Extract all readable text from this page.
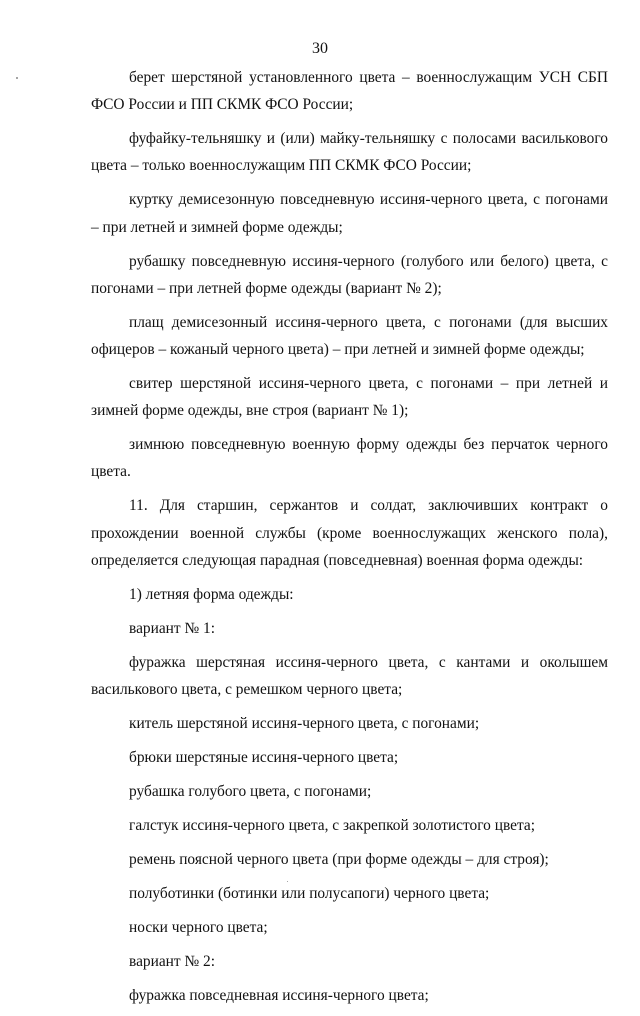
30

берет шерстяной установленного цвета – военнослужащим УСН СБП ФСО России и ПП СКМК ФСО России;

фуфайку-тельняшку и (или) майку-тельняшку с полосами василькового цвета – только военнослужащим ПП СКМК ФСО России;

куртку демисезонную повседневную иссиня-черного цвета, с погонами – при летней и зимней форме одежды;

рубашку повседневную иссиня-черного (голубого или белого) цвета, с погонами – при летней форме одежды (вариант № 2);

плащ демисезонный иссиня-черного цвета, с погонами (для высших офицеров – кожаный черного цвета) – при летней и зимней форме одежды;

свитер шерстяной иссиня-черного цвета, с погонами – при летней и зимней форме одежды, вне строя (вариант № 1);

зимнюю повседневную военную форму одежды без перчаток черного цвета.

11. Для старшин, сержантов и солдат, заключивших контракт о прохождении военной службы (кроме военнослужащих женского пола), определяется следующая парадная (повседневная) военная форма одежды:

1) летняя форма одежды:

вариант № 1:

фуражка шерстяная иссиня-черного цвета, с кантами и околышем василькового цвета, с ремешком черного цвета;

китель шерстяной иссиня-черного цвета, с погонами;

брюки шерстяные иссиня-черного цвета;

рубашка голубого цвета, с погонами;

галстук иссиня-черного цвета, с закрепкой золотистого цвета;

ремень поясной черного цвета (при форме одежды – для строя);

полуботинки (ботинки или полусапоги) черного цвета;

носки черного цвета;

вариант № 2:

фуражка повседневная иссиня-черного цвета;
